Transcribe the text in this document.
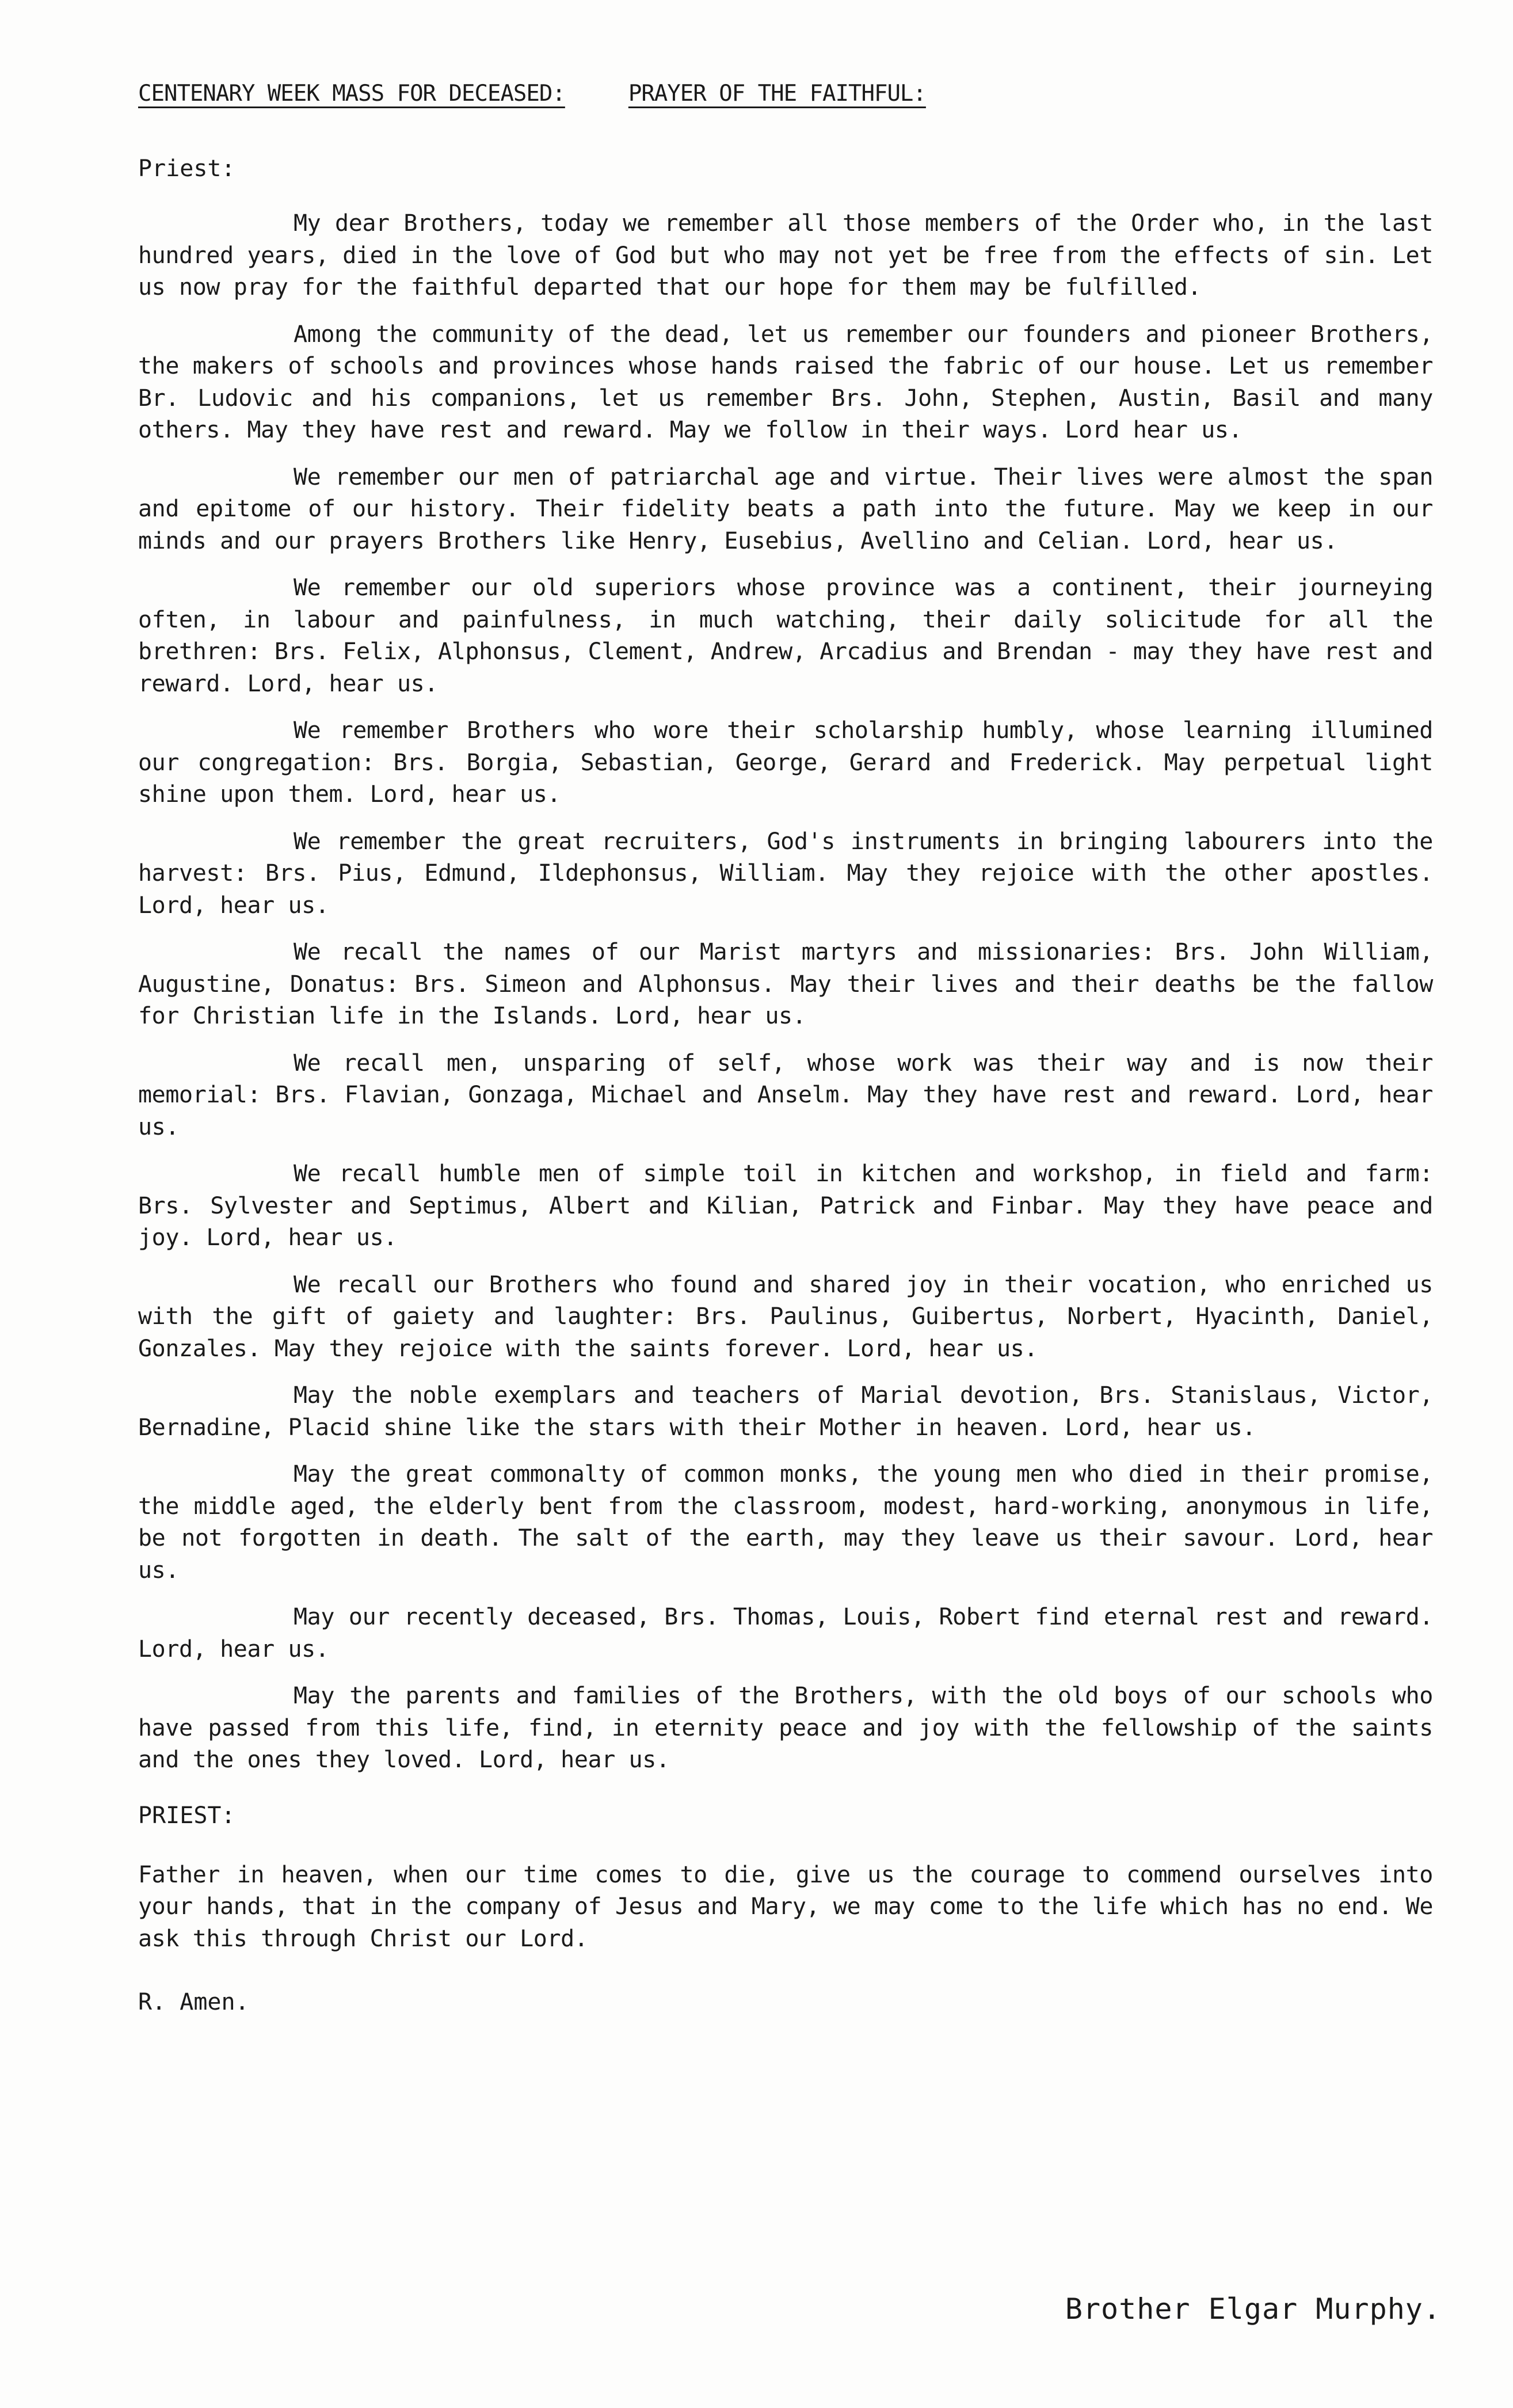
CENTENARY WEEK MASS FOR DECEASED:	PRAYER OF THE FAITHFUL:

Priest:

My dear Brothers, today we remember all those members of the Order who, in the last hundred years, died in the love of God but who may not yet be free from the effects of sin. Let us now pray for the faithful departed that our hope for them may be fulfilled.

Among the community of the dead, let us remember our founders and pioneer Brothers, the makers of schools and provinces whose hands raised the fabric of our house. Let us remember Br. Ludovic and his companions, let us remember Brs. John, Stephen, Austin, Basil and many others. May they have rest and reward. May we follow in their ways. Lord hear us.

We remember our men of patriarchal age and virtue. Their lives were almost the span and epitome of our history. Their fidelity beats a path into the future. May we keep in our minds and our prayers Brothers like Henry, Eusebius, Avellino and Celian. Lord, hear us.

We remember our old superiors whose province was a continent, their journeying often, in labour and painfulness, in much watching, their daily solicitude for all the brethren: Brs. Felix, Alphonsus, Clement, Andrew, Arcadius and Brendan - may they have rest and reward. Lord, hear us.

We remember Brothers who wore their scholarship humbly, whose learning illumined our congregation: Brs. Borgia, Sebastian, George, Gerard and Frederick. May perpetual light shine upon them. Lord, hear us.

We remember the great recruiters, God's instruments in bringing labourers into the harvest: Brs. Pius, Edmund, Ildephonsus, William. May they rejoice with the other apostles. Lord, hear us.

We recall the names of our Marist martyrs and missionaries: Brs. John William, Augustine, Donatus: Brs. Simeon and Alphonsus. May their lives and their deaths be the fallow for Christian life in the Islands. Lord, hear us.

We recall men, unsparing of self, whose work was their way and is now their memorial: Brs. Flavian, Gonzaga, Michael and Anselm. May they have rest and reward. Lord, hear us.

We recall humble men of simple toil in kitchen and workshop, in field and farm: Brs. Sylvester and Septimus, Albert and Kilian, Patrick and Finbar. May they have peace and joy. Lord, hear us.

We recall our Brothers who found and shared joy in their vocation, who enriched us with the gift of gaiety and laughter: Brs. Paulinus, Guibertus, Norbert, Hyacinth, Daniel, Gonzales. May they rejoice with the saints forever. Lord, hear us.

May the noble exemplars and teachers of Marial devotion, Brs. Stanislaus, Victor, Bernadine, Placid shine like the stars with their Mother in heaven. Lord, hear us.

May the great commonalty of common monks, the young men who died in their promise, the middle aged, the elderly bent from the classroom, modest, hard-working, anonymous in life, be not forgotten in death. The salt of the earth, may they leave us their savour. Lord, hear us.

May our recently deceased, Brs. Thomas, Louis, Robert find eternal rest and reward. Lord, hear us.

May the parents and families of the Brothers, with the old boys of our schools who have passed from this life, find, in eternity peace and joy with the fellowship of the saints and the ones they loved. Lord, hear us.

PRIEST:

Father in heaven, when our time comes to die, give us the courage to commend ourselves into your hands, that in the company of Jesus and Mary, we may come to the life which has no end. We ask this through Christ our Lord.

R. Amen.

Brother Elgar Murphy.
